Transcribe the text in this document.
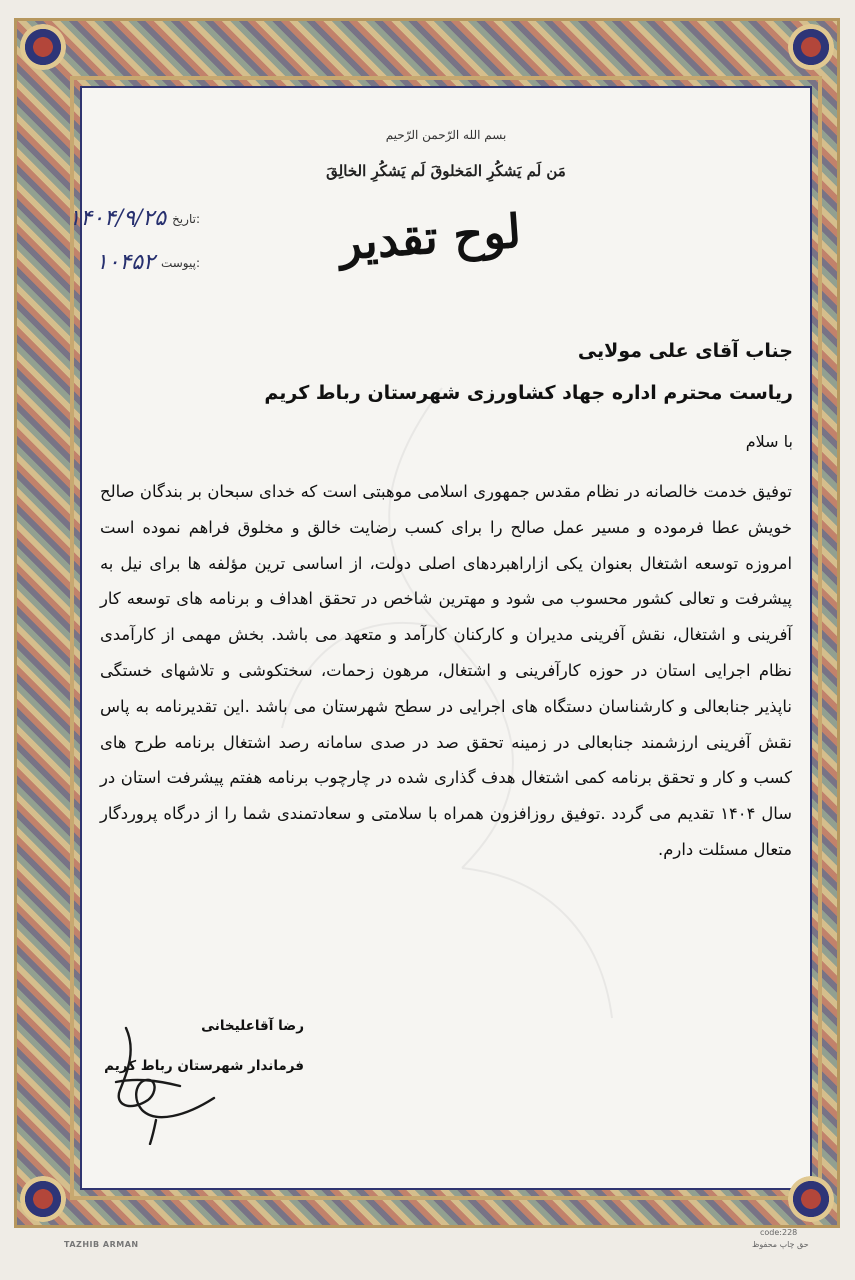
بسم الله الرّحمن الرّحيم
مَن لَم یَشکُرِ المَخلوقَ لَم یَشکُرِ الخالِقَ
لوح تقدیر
تاریخ:
۱۴۰۴/۹/۲۵
پیوست:
۱۰۴۵۲
جناب آقای علی مولایی
ریاست محترم اداره جهاد کشاورزی شهرستان رباط کریم
با سلام
توفیق خدمت خالصانه در نظام مقدس جمهوری اسلامی موهبتی است که خدای سبحان بر بندگان صالح خویش عطا فرموده و مسیر عمل صالح را برای کسب رضایت خالق و مخلوق فراهم نموده است امروزه توسعه اشتغال بعنوان یکی ازاراهبردهای اصلی دولت، از اساسی ترین مؤلفه ها برای نیل به پیشرفت و تعالی کشور محسوب می شود و مهترین شاخص در تحقق اهداف و برنامه های توسعه کار آفرینی و اشتغال، نقش آفرینی مدیران و کارکنان کارآمد و متعهد می باشد. بخش مهمی از کارآمدی نظام اجرایی استان در حوزه کارآفرینی و اشتغال، مرهون زحمات، سختکوشی و تلاشهای خستگی ناپذیر جنابعالی و کارشناسان دستگاه های اجرایی در سطح شهرستان می باشد .این تقدیرنامه به پاس نقش آفرینی ارزشمند جنابعالی در زمینه تحقق صد در صدی سامانه رصد اشتغال برنامه طرح های کسب و کار و تحقق برنامه کمی اشتغال هدف گذاری شده در چارچوب برنامه هفتم پیشرفت استان در سال ۱۴۰۴ تقدیم می گردد .توفیق روزافزون همراه با سلامتی و سعادتمندی شما را از درگاه پروردگار متعال مسئلت دارم.
رضا آقاعلیخانی
فرماندار شهرستان رباط کریم
code:228
حق چاپ محفوظ
TAZHIB ARMAN
